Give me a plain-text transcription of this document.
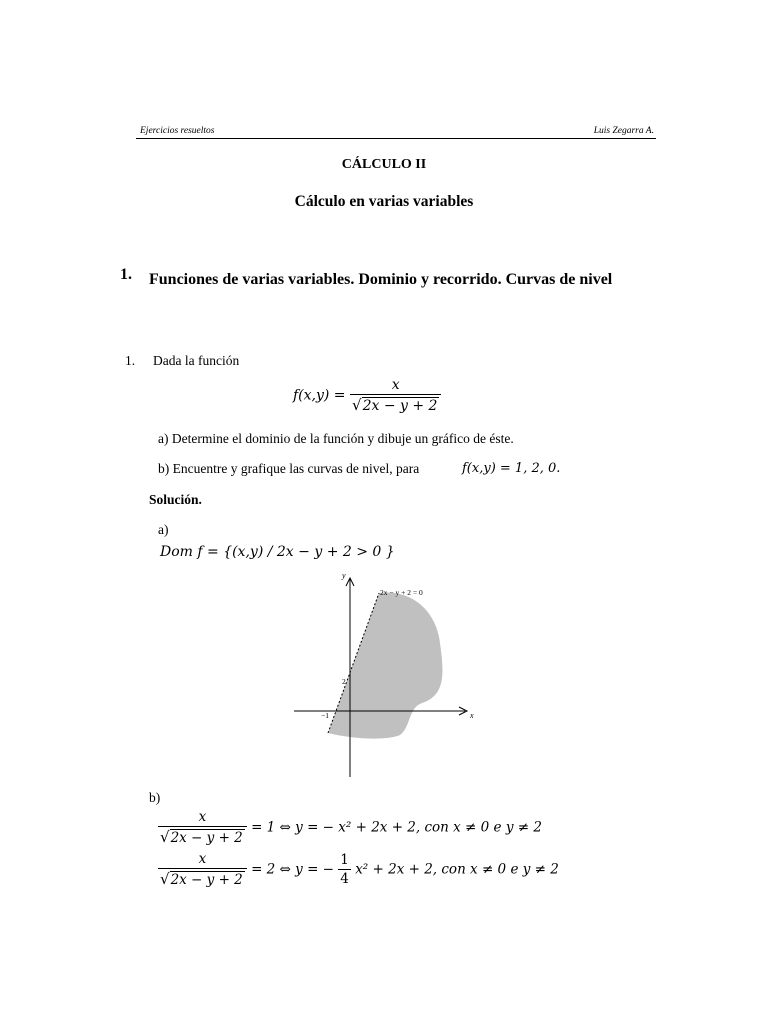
Ejercicios resueltos	Luis Zegarra A.
CÁLCULO II
Cálculo en varias variables
1. Funciones de varias variables. Dominio y recorrido. Curvas de nivel
1. Dada la función
$f(x,y) = \frac{x}{√2x - y + 2}$
a) Determine el dominio de la función y dibuje un gráfico de éste.
b) Encuentre y grafique las curvas de nivel, para	f(x,y) = 1, 2, 0.
Solución.
a)
Dom f = {(x,y) / 2x − y + 2 > 0 }
y
x
2x − y + 2 = 0
2
−1
b)
$\frac{x}{√2x - y + 2} = 1$ ⇔ y = − x² + 2x + 2, con x ≠ 0 e y ≠ 2
$\frac{x}{√2x - y + 2} = 2$ ⇔ y = − $\frac{1}{4} x^2 + 2x + 2$, con x ≠ 0 e y ≠ 2
